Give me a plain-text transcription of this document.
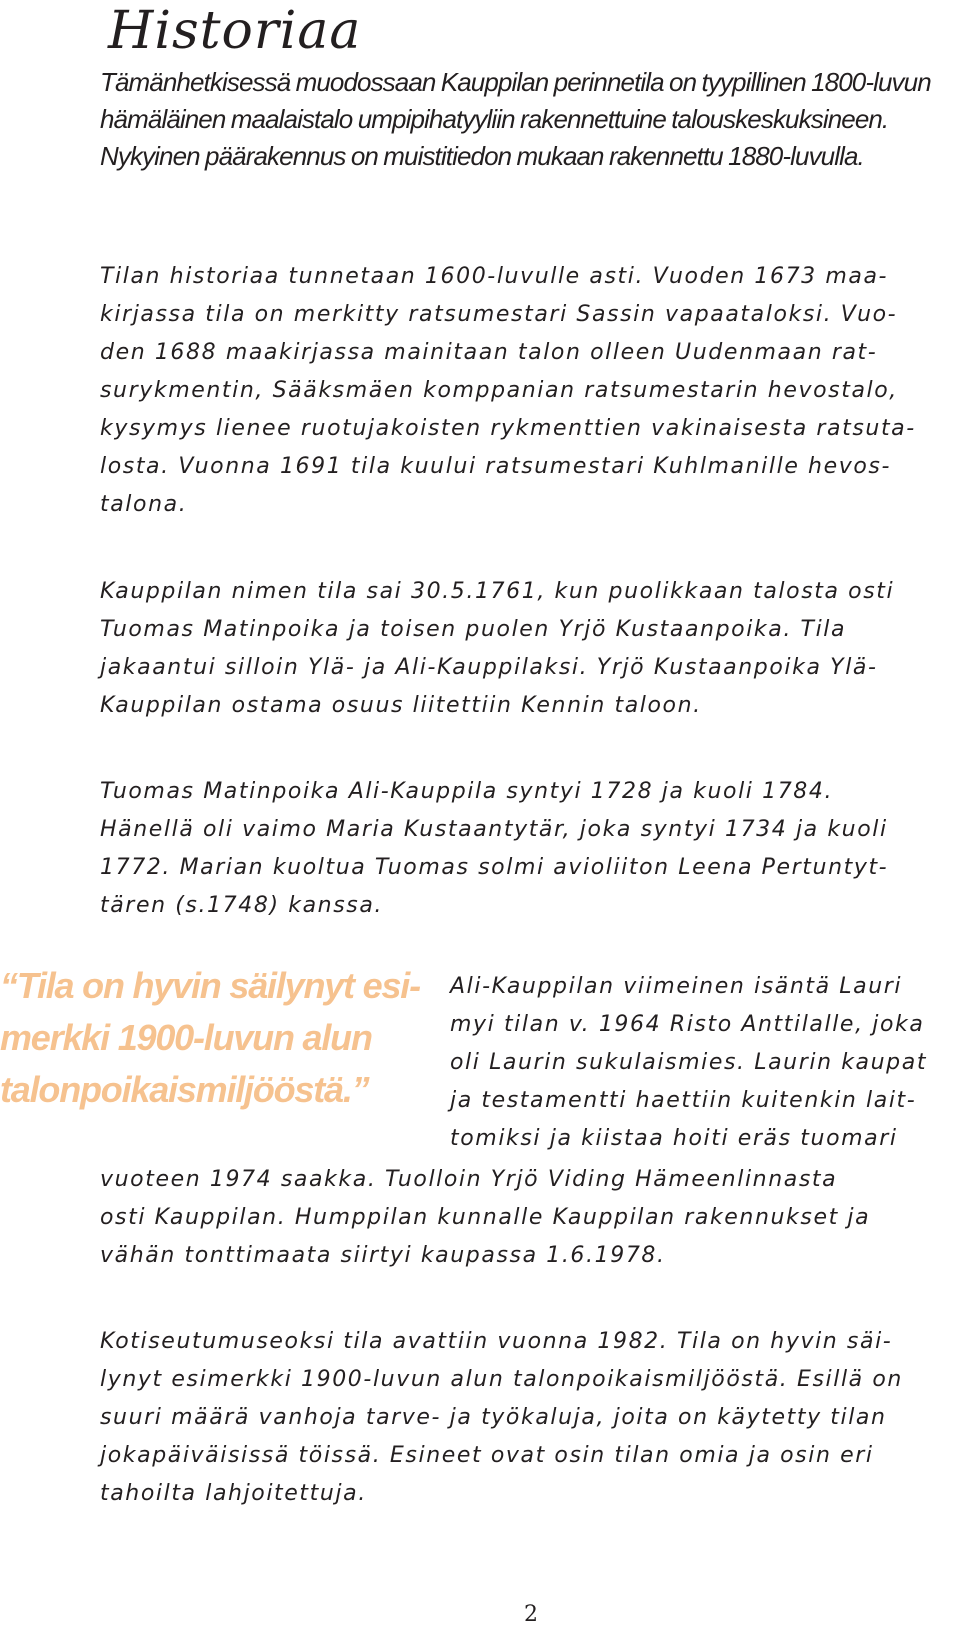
Historiaa

Tämänhetkisessä muodossaan Kauppilan perinnetila on tyypillinen 1800-luvun hämäläinen maalaistalo umpipihatyyliin rakennettuine talouskeskuksineen. Nykyinen päärakennus on muistitiedon mukaan rakennettu 1880-luvulla.

Tilan historiaa tunnetaan 1600-luvulle asti. Vuoden 1673 maa-

kirjassa tila on merkitty ratsumestari Sassin vapaataloksi. Vuo-

den 1688 maakirjassa mainitaan talon olleen Uudenmaan rat-

surykmentin, Sääksmäen komppanian ratsumestarin hevostalo,

kysymys lienee ruotujakoisten rykmenttien vakinaisesta ratsuta-

losta. Vuonna 1691 tila kuului ratsumestari Kuhlmanille hevos-

talona.

Kauppilan nimen tila sai 30.5.1761, kun puolikkaan talosta osti

Tuomas Matinpoika ja toisen puolen Yrjö Kustaanpoika. Tila

jakaantui silloin Ylä- ja Ali-Kauppilaksi. Yrjö Kustaanpoika Ylä-

Kauppilan ostama osuus liitettiin Kennin taloon.

Tuomas Matinpoika Ali-Kauppila syntyi 1728 ja kuoli 1784.

Hänellä oli vaimo Maria Kustaantytär, joka syntyi 1734 ja kuoli

1772. Marian kuoltua Tuomas solmi avioliiton Leena Pertuntyt-

tären (s.1748) kanssa.

“Tila on hyvin säilynyt esi-
merkki 1900-luvun alun
talonpoikaismiljööstä.”

Ali-Kauppilan viimeinen isäntä Lauri

myi tilan v. 1964 Risto Anttilalle, joka

oli Laurin sukulaismies. Laurin kaupat

ja testamentti haettiin kuitenkin lait-

tomiksi ja kiistaa hoiti eräs tuomari

vuoteen 1974 saakka. Tuolloin Yrjö Viding Hämeenlinnasta

osti Kauppilan. Humppilan kunnalle Kauppilan rakennukset ja

vähän tonttimaata siirtyi kaupassa 1.6.1978.

Kotiseutumuseoksi tila avattiin vuonna 1982. Tila on hyvin säi-

lynyt esimerkki 1900-luvun alun talonpoikaismiljööstä. Esillä on

suuri määrä vanhoja tarve- ja työkaluja, joita on käytetty tilan

jokapäiväisissä töissä. Esineet ovat osin tilan omia ja osin eri

tahoilta lahjoitettuja.

2
